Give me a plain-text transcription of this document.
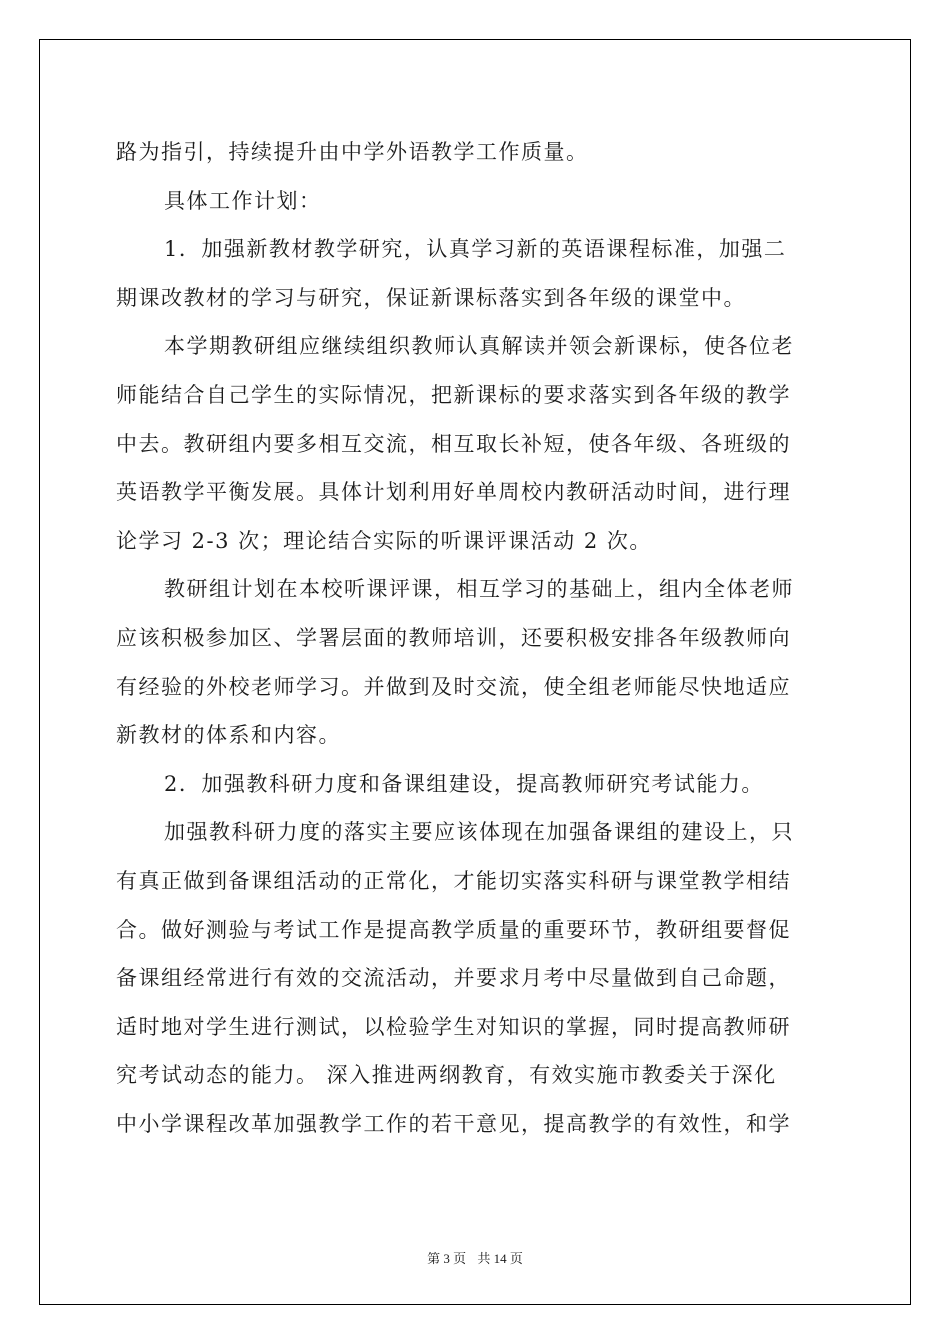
路为指引，持续提升由中学外语教学工作质量。
具体工作计划：
1．加强新教材教学研究，认真学习新的英语课程标准，加强二
期课改教材的学习与研究，保证新课标落实到各年级的课堂中。
本学期教研组应继续组织教师认真解读并领会新课标，使各位老
师能结合自己学生的实际情况，把新课标的要求落实到各年级的教学
中去。教研组内要多相互交流，相互取长补短，使各年级、各班级的
英语教学平衡发展。具体计划利用好单周校内教研活动时间，进行理
论学习 2-3 次；理论结合实际的听课评课活动 2 次。
教研组计划在本校听课评课，相互学习的基础上，组内全体老师
应该积极参加区、学署层面的教师培训，还要积极安排各年级教师向
有经验的外校老师学习。并做到及时交流，使全组老师能尽快地适应
新教材的体系和内容。
2．加强教科研力度和备课组建设，提高教师研究考试能力。
加强教科研力度的落实主要应该体现在加强备课组的建设上，只
有真正做到备课组活动的正常化，才能切实落实科研与课堂教学相结
合。做好测验与考试工作是提高教学质量的重要环节，教研组要督促
备课组经常进行有效的交流活动，并要求月考中尽量做到自己命题，
适时地对学生进行测试，以检验学生对知识的掌握，同时提高教师研
究考试动态的能力。 深入推进两纲教育，有效实施市教委关于深化
中小学课程改革加强教学工作的若干意见，提高教学的有效性，和学
第 3 页 共 14 页
